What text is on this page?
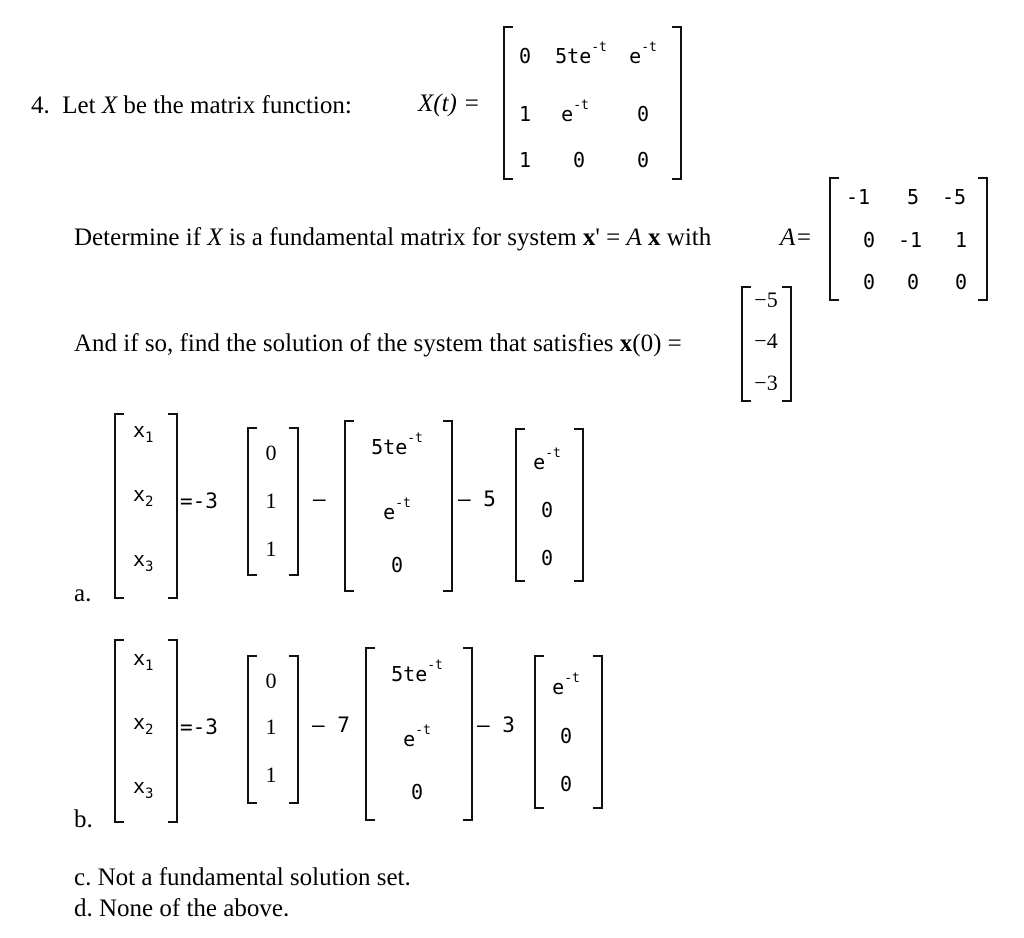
4. Let X be the matrix function:	X(t) =
0	$5te^{-t}$	$e^{-t}$
1	$e^{-t}$	0
1	0	0
Determine if X is a fundamental matrix for system x' = A x with	A=
-1	5	-5
0	-1	1
0	0	0
And if so, find the solution of the system that satisfies x(0) =
−5
−4
−3
a.
$x_1$
$x_2$
$x_3$
=-3
0
1
1
—
$5te^{-t}$
$e^{-t}$
0
— 5
$e^{-t}$
0
0
b.
$x_1$
$x_2$
$x_3$
=-3
0
1
1
— 7
$5te^{-t}$
$e^{-t}$
0
— 3
$e^{-t}$
0
0
c. Not a fundamental solution set.
d. None of the above.
